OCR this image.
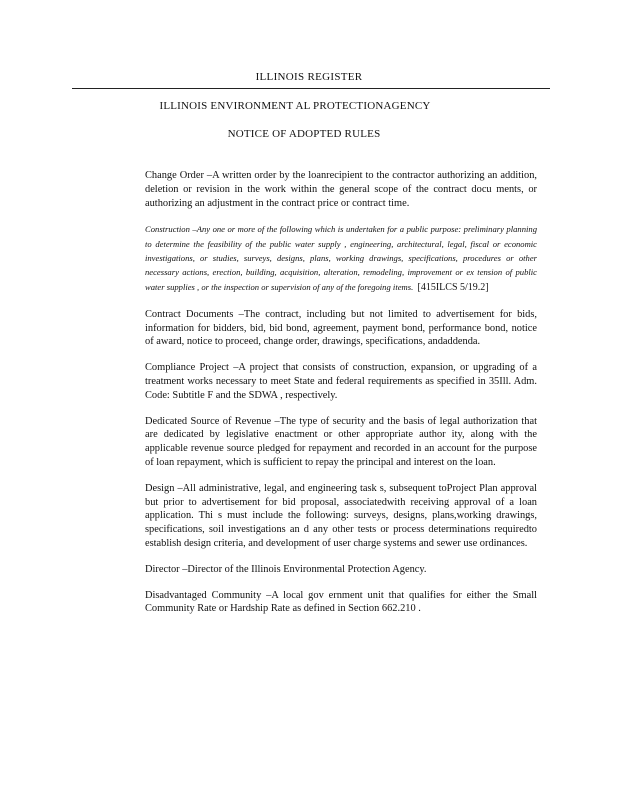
ILLINOIS REGISTER
ILLINOIS ENVIRONMENT AL PROTECTIONAGENCY
NOTICE OF ADOPTED RULES

Change Order –A written order by the loanrecipient to the contractor authorizing an addition, deletion or revision in the work within the general scope of the contract docu ments, or authorizing an adjustment in the contract price or contract time.

Construction –Any one or more of the following which is undertaken for a public purpose: preliminary planning to determine the feasibility of the public water supply , engineering, architectural, legal, fiscal or economic investigations, or studies, surveys, designs, plans, working drawings, specifications, procedures or other necessary actions, erection, building, acquisition, alteration, remodeling, improvement or ex tension of public water supplies , or the inspection or supervision of any of the foregoing items. [415ILCS 5/19.2]

Contract Documents –The contract, including but not limited to advertisement for bids, information for bidders, bid, bid bond, agreement, payment bond, performance bond, notice of award, notice to proceed, change order, drawings, specifications, andaddenda.

Compliance Project –A project that consists of construction, expansion, or upgrading of a treatment works necessary to meet State and federal requirements as specified in 35Ill. Adm. Code: Subtitle F and the SDWA , respectively.

Dedicated Source of Revenue –The type of security and the basis of legal authorization that are dedicated by legislative enactment or other appropriate author ity, along with the applicable revenue source pledged for repayment and recorded in an account for the purpose of loan repayment, which is sufficient to repay the principal and interest on the loan.

Design –All administrative, legal, and engineering task s, subsequent toProject Plan approval but prior to advertisement for bid proposal, associatedwith receiving approval of a loan application. Thi s must include the following: surveys, designs, plans,working drawings, specifications, soil investigations an d any other tests or process determinations requiredto establish design criteria, and development of user charge systems and sewer use ordinances.

Director –Director of the Illinois Environmental Protection Agency.

Disadvantaged Community –A local gov ernment unit that qualifies for either the Small Community Rate or Hardship Rate as defined in Section 662.210 .
